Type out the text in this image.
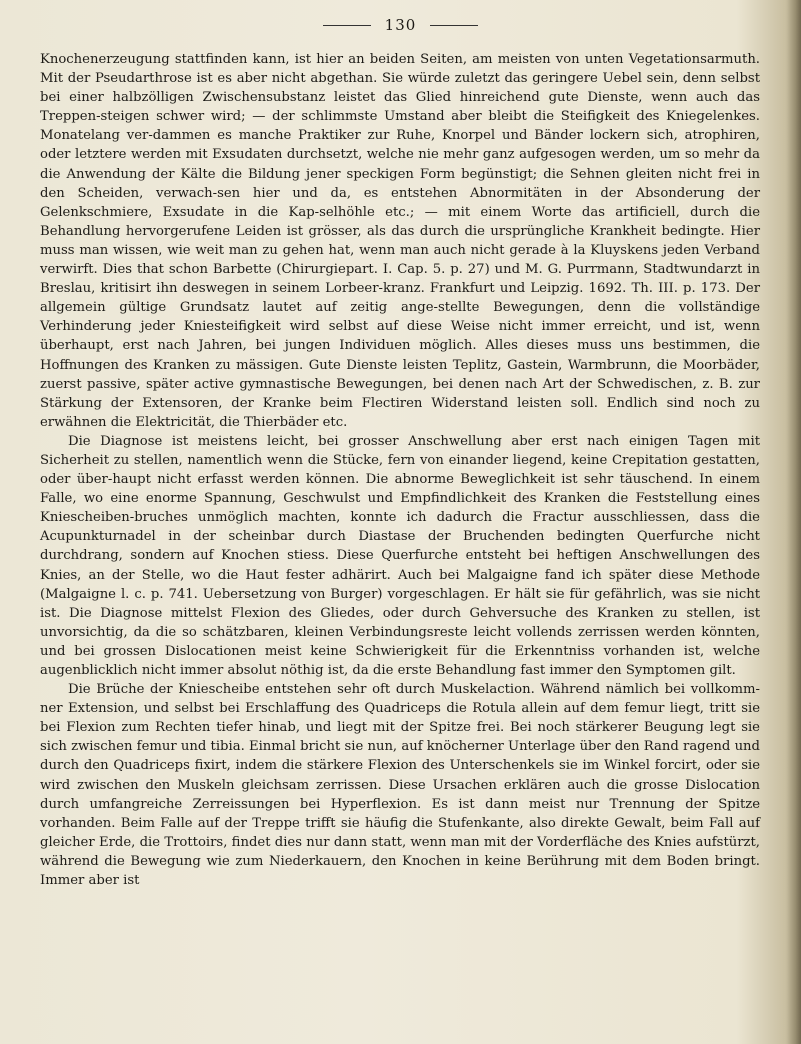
130

Knochenerzeugung stattfinden kann, ist hier an beiden Seiten, am meisten von unten Vegetationsarmuth. Mit der Pseudarthrose ist es aber nicht abgethan. Sie würde zuletzt das geringere Uebel sein, denn selbst bei einer halbzölligen Zwischensubstanz leistet das Glied hinreichend gute Dienste, wenn auch das Treppen-steigen schwer wird; — der schlimmste Umstand aber bleibt die Steifigkeit des Kniegelenkes. Monatelang ver-dammen es manche Praktiker zur Ruhe, Knorpel und Bänder lockern sich, atrophiren, oder letztere werden mit Exsudaten durchsetzt, welche nie mehr ganz aufgesogen werden, um so mehr da die Anwendung der Kälte die Bildung jener speckigen Form begünstigt; die Sehnen gleiten nicht frei in den Scheiden, verwach-sen hier und da, es entstehen Abnormitäten in der Absonderung der Gelenkschmiere, Exsudate in die Kap-selhöhle etc.; — mit einem Worte das artificiell, durch die Behandlung hervorgerufene Leiden ist grösser, als das durch die ursprüngliche Krankheit bedingte. Hier muss man wissen, wie weit man zu gehen hat, wenn man auch nicht gerade à la Kluyskens jeden Verband verwirft. Dies that schon Barbette (Chirurgiepart. I. Cap. 5. p. 27) und M. G. Purrmann, Stadtwundarzt in Breslau, kritisirt ihn deswegen in seinem Lorbeer-kranz. Frankfurt und Leipzig. 1692. Th. III. p. 173. Der allgemein gültige Grundsatz lautet auf zeitig ange-stellte Bewegungen, denn die vollständige Verhinderung jeder Kniesteifigkeit wird selbst auf diese Weise nicht immer erreicht, und ist, wenn überhaupt, erst nach Jahren, bei jungen Individuen möglich. Alles dieses muss uns bestimmen, die Hoffnungen des Kranken zu mässigen. Gute Dienste leisten Teplitz, Gastein, Warmbrunn, die Moorbäder, zuerst passive, später active gymnastische Bewegungen, bei denen nach Art der Schwedischen, z. B. zur Stärkung der Extensoren, der Kranke beim Flectiren Widerstand leisten soll. Endlich sind noch zu erwähnen die Elektricität, die Thierbäder etc.

Die Diagnose ist meistens leicht, bei grosser Anschwellung aber erst nach einigen Tagen mit Sicherheit zu stellen, namentlich wenn die Stücke, fern von einander liegend, keine Crepitation gestatten, oder über-haupt nicht erfasst werden können. Die abnorme Beweglichkeit ist sehr täuschend. In einem Falle, wo eine enorme Spannung, Geschwulst und Empfindlichkeit des Kranken die Feststellung eines Kniescheiben-bruches unmöglich machten, konnte ich dadurch die Fractur ausschliessen, dass die Acupunkturnadel in der scheinbar durch Diastase der Bruchenden bedingten Querfurche nicht durchdrang, sondern auf Knochen stiess. Diese Querfurche entsteht bei heftigen Anschwellungen des Knies, an der Stelle, wo die Haut fester adhärirt. Auch bei Malgaigne fand ich später diese Methode (Malgaigne l. c. p. 741. Uebersetzung von Burger) vorgeschlagen. Er hält sie für gefährlich, was sie nicht ist. Die Diagnose mittelst Flexion des Gliedes, oder durch Gehversuche des Kranken zu stellen, ist unvorsichtig, da die so schätzbaren, kleinen Verbindungsreste leicht vollends zerrissen werden könnten, und bei grossen Dislocationen meist keine Schwierigkeit für die Erkenntniss vorhanden ist, welche augenblicklich nicht immer absolut nöthig ist, da die erste Behandlung fast immer den Symptomen gilt.

Die Brüche der Kniescheibe entstehen sehr oft durch Muskelaction. Während nämlich bei vollkomm-ner Extension, und selbst bei Erschlaffung des Quadriceps die Rotula allein auf dem femur liegt, tritt sie bei Flexion zum Rechten tiefer hinab, und liegt mit der Spitze frei. Bei noch stärkerer Beugung legt sie sich zwischen femur und tibia. Einmal bricht sie nun, auf knöcherner Unterlage über den Rand ragend und durch den Quadriceps fixirt, indem die stärkere Flexion des Unterschenkels sie im Winkel forcirt, oder sie wird zwischen den Muskeln gleichsam zerrissen. Diese Ursachen erklären auch die grosse Dislocation durch umfangreiche Zerreissungen bei Hyperflexion. Es ist dann meist nur Trennung der Spitze vorhanden. Beim Falle auf der Treppe trifft sie häufig die Stufenkante, also direkte Gewalt, beim Fall auf gleicher Erde, die Trottoirs, findet dies nur dann statt, wenn man mit der Vorderfläche des Knies aufstürzt, während die Bewegung wie zum Niederkauern, den Knochen in keine Berührung mit dem Boden bringt. Immer aber ist
